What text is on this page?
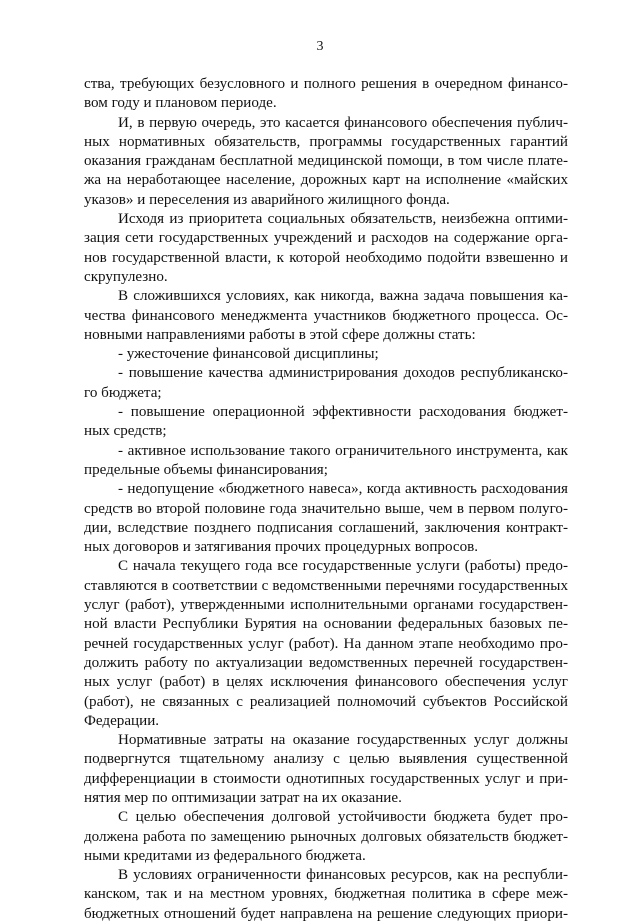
3
ства, требующих безусловного и полного решения в очередном финансо-
вом году и плановом периоде.
И, в первую очередь, это касается финансового обеспечения публич-
ных нормативных обязательств, программы государственных гарантий
оказания гражданам бесплатной медицинской помощи, в том числе плате-
жа на неработающее население, дорожных карт на исполнение «майских
указов» и переселения из аварийного жилищного фонда.
Исходя из приоритета социальных обязательств, неизбежна оптими-
зация сети государственных учреждений и расходов на содержание орга-
нов государственной власти, к которой необходимо подойти взвешенно и
скрупулезно.
В сложившихся условиях, как никогда, важна задача повышения ка-
чества финансового менеджмента участников бюджетного процесса. Ос-
новными направлениями работы в этой сфере должны стать:
- ужесточение финансовой дисциплины;
- повышение качества администрирования доходов республиканско-
го бюджета;
- повышение операционной эффективности расходования бюджет-
ных средств;
- активное использование такого ограничительного инструмента, как
предельные объемы финансирования;
- недопущение «бюджетного навеса», когда активность расходования
средств во второй половине года значительно выше, чем в первом полуго-
дии, вследствие позднего подписания соглашений, заключения контракт-
ных договоров и затягивания прочих процедурных вопросов.
С начала текущего года все государственные услуги (работы) предо-
ставляются в соответствии с ведомственными перечнями государственных
услуг (работ), утвержденными исполнительными органами государствен-
ной власти Республики Бурятия на основании федеральных базовых пе-
речней государственных услуг (работ). На данном этапе необходимо про-
должить работу по актуализации ведомственных перечней государствен-
ных услуг (работ) в целях исключения финансового обеспечения услуг
(работ), не связанных с реализацией полномочий субъектов Российской
Федерации.
Нормативные затраты на оказание государственных услуг должны
подвергнутся тщательному анализу с целью выявления существенной
дифференциации в стоимости однотипных государственных услуг и при-
нятия мер по оптимизации затрат на их оказание.
С целью обеспечения долговой устойчивости бюджета будет про-
должена работа по замещению рыночных долговых обязательств бюджет-
ными кредитами из федерального бюджета.
В условиях ограниченности финансовых ресурсов, как на республи-
канском, так и на местном уровнях, бюджетная политика в сфере меж-
бюджетных отношений будет направлена на решение следующих приори-
